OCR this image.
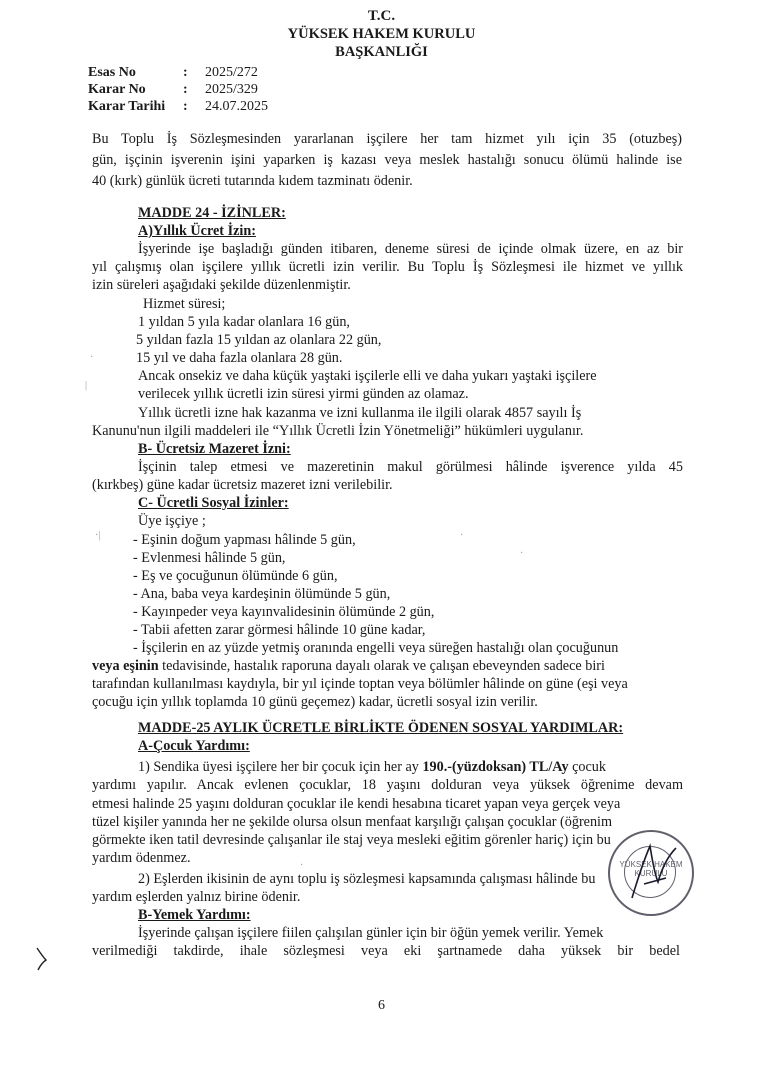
T.C.
YÜKSEK HAKEM KURULU
BAŞKANLIĞI
Esas No	:	2025/272
Karar No	:	2025/329
Karar Tarihi	:	24.07.2025
Bu Toplu İş Sözleşmesinden yararlanan işçilere her tam hizmet yılı için 35 (otuzbeş)
gün, işçinin işverenin işini yaparken iş kazası veya meslek hastalığı sonucu ölümü halinde ise
40 (kırk) günlük ücreti tutarında kıdem tazminatı ödenir.
MADDE 24 - İZİNLER:
A)Yıllık Ücret İzin:
İşyerinde işe başladığı günden itibaren, deneme süresi de içinde olmak üzere, en az bir
yıl çalışmış olan işçilere yıllık ücretli izin verilir. Bu Toplu İş Sözleşmesi ile hizmet ve yıllık
izin süreleri aşağıdaki şekilde düzenlenmiştir.
Hizmet süresi;
1 yıldan 5 yıla kadar olanlara 16 gün,
5 yıldan fazla 15 yıldan az olanlara 22 gün,
15 yıl ve daha fazla olanlara 28 gün.
Ancak onsekiz ve daha küçük yaştaki işçilerle elli ve daha yukarı yaştaki işçilere
verilecek yıllık ücretli izin süresi yirmi günden az olamaz.
Yıllık ücretli izne hak kazanma ve izni kullanma ile ilgili olarak 4857 sayılı İş
Kanunu'nun ilgili maddeleri ile “Yıllık Ücretli İzin Yönetmeliği” hükümleri uygulanır.
B- Ücretsiz Mazeret İzni:
İşçinin talep etmesi ve mazeretinin makul görülmesi hâlinde işverence yılda 45
(kırkbeş) güne kadar ücretsiz mazeret izni verilebilir.
C- Ücretli Sosyal İzinler:
Üye işçiye ;
- Eşinin doğum yapması hâlinde 5 gün,
- Evlenmesi hâlinde 5 gün,
- Eş ve çocuğunun ölümünde 6 gün,
- Ana, baba veya kardeşinin ölümünde 5 gün,
- Kayınpeder veya kayınvalidesinin ölümünde 2 gün,
- Tabii afetten zarar görmesi hâlinde 10 güne kadar,
- İşçilerin en az yüzde yetmiş oranında engelli veya süreğen hastalığı olan çocuğunun
veya eşinin tedavisinde, hastalık raporuna dayalı olarak ve çalışan ebeveynden sadece biri
tarafından kullanılması kaydıyla, bir yıl içinde toptan veya bölümler hâlinde on güne (eşi veya
çocuğu için yıllık toplamda 10 günü geçemez) kadar, ücretli sosyal izin verilir.
MADDE-25 AYLIK ÜCRETLE BİRLİKTE ÖDENEN SOSYAL YARDIMLAR:
A-Çocuk Yardımı:
1) Sendika üyesi işçilere her bir çocuk için her ay 190.-(yüzdoksan) TL/Ay çocuk
yardımı yapılır. Ancak evlenen çocuklar, 18 yaşını dolduran veya yüksek öğrenime devam
etmesi halinde 25 yaşını dolduran çocuklar ile kendi hesabına ticaret yapan veya gerçek veya
tüzel kişiler yanında her ne şekilde olursa olsun menfaat karşılığı çalışan çocuklar (öğrenim
görmekte iken tatil devresinde çalışanlar ile staj veya mesleki eğitim görenler hariç) için bu
yardım ödenmez.
2) Eşlerden ikisinin de aynı toplu iş sözleşmesi kapsamında çalışması hâlinde bu
yardım eşlerden yalnız birine ödenir.
B-Yemek Yardımı:
İşyerinde çalışan işçilere fiilen çalışılan günler için bir öğün yemek verilir. Yemek
verilmediği takdirde, ihale sözleşmesi veya eki şartnamede daha yüksek bir bedel
6
YÜKSEK HAKEM KURULU
·|
·
|
·
·
·
